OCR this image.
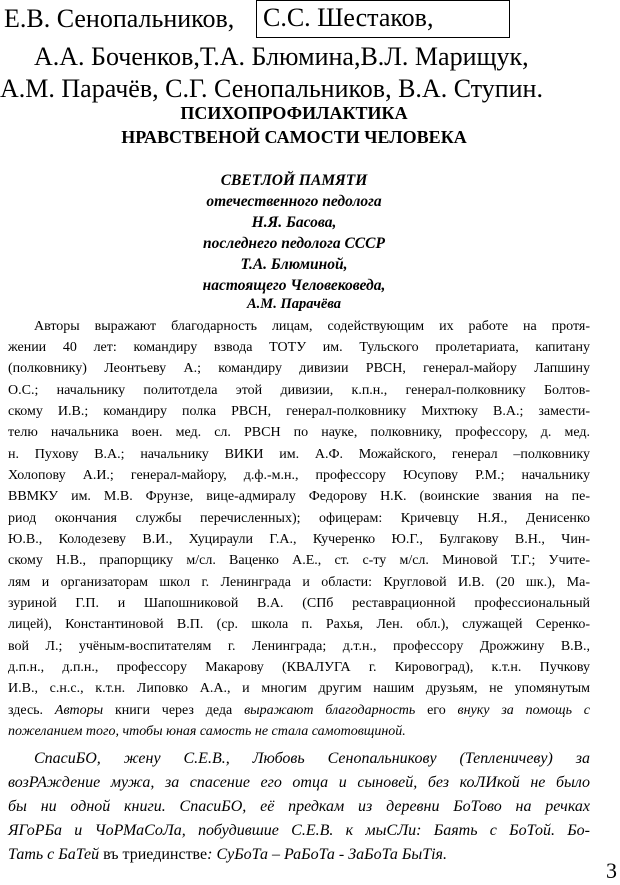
Е.В. Сенопальников, С.С. Шестаков,
А.А. Боченков,Т.А. Блюмина,В.Л. Марищук,
А.М. Парачёв, С.Г. Сенопальников, В.А. Ступин.
ПСИХОПРОФИЛАКТИКА
НРАВСТВЕНОЙ САМОСТИ ЧЕЛОВЕКА
СВЕТЛОЙ ПАМЯТИ
отечественного педолога
Н.Я. Басова,
последнего педолога СССР
Т.А. Блюминой,
настоящего Человековеда,
А.М. Парачёва
Авторы выражают благодарность лицам, содействующим их работе на протя-
жении 40 лет: командиру взвода ТОТУ им. Тульского пролетариата, капитану
(полковнику) Леонтьеву А.; командиру дивизии РВСН, генерал-майору Лапшину
О.С.; начальнику политотдела этой дивизии, к.п.н., генерал-полковнику Болтов-
скому И.В.; командиру полка РВСН, генерал-полковнику Михтюку В.А.; замести-
телю начальника воен. мед. сл. РВСН по науке, полковнику, профессору, д. мед.
н. Пухову В.А.; начальнику ВИКИ им. А.Ф. Можайского, генерал –полковнику
Холопову А.И.; генерал-майору, д.ф.-м.н., профессору Юсупову Р.М.; начальнику
ВВМКУ им. М.В. Фрунзе, вице-адмиралу Федорову Н.К. (воинские звания на пе-
риод окончания службы перечисленных); офицерам: Кричевцу Н.Я., Денисенко
Ю.В., Колодезеву В.И., Хуцираули Г.А., Кучеренко Ю.Г., Булгакову В.Н., Чин-
скому Н.В., прапорщику м/сл. Ваценко А.Е., ст. с-ту м/сл. Миновой Т.Г.; Учите-
лям и организаторам школ г. Ленинграда и области: Кругловой И.В. (20 шк.), Ма-
зуриной Г.П. и Шапошниковой В.А. (СПб реставрационной профессиональный
лицей), Константиновой В.П. (ср. школа п. Рахья, Лен. обл.), служащей Серенко-
вой Л.; учёным-воспитателям г. Ленинграда; д.т.н., профессору Дрожжину В.В.,
д.п.н., д.п.н., профессору Макарову (КВАЛУГА г. Кировоград), к.т.н. Пучкову
И.В., с.н.с., к.т.н. Липовко А.А., и многим другим нашим друзьям, не упомянутым
здесь. Авторы книги через деда выражают благодарность его внуку за помощь с
пожеланием того, чтобы юная самость не стала самотовщиной.
СпасиБО, жену С.Е.В., Любовь Сенопальникову (Тепленичеву) за
возРАждение мужа, за спасение его отца и сыновей, без коЛИкой не было
бы ни одной книги. СпасиБО, её предкам из деревни БоТово на речках
ЯГоРБа и ЧоРМаСоЛа, побудившие С.Е.В. к мыСЛи: Баять с БоТой. Бо-
Тать с БаТей въ триединстве: СуБоТа – РаБоТа - ЗаБоТа БыТія.
3
